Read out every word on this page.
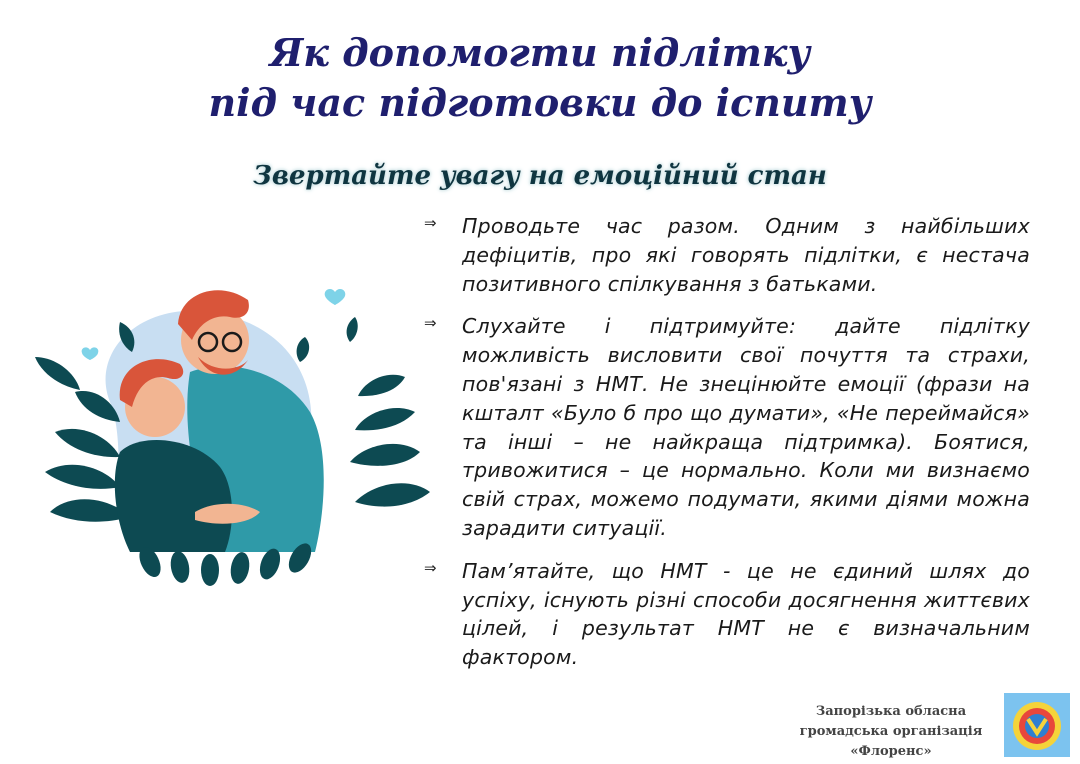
Як допомогти підлітку
під час підготовки до іспиту
Звертайте увагу на емоційний стан
⇒ Проводьте час разом. Одним з найбільших дефіцитів, про які говорять підлітки, є нестача позитивного спілкування з батьками.
⇒ Слухайте і підтримуйте: дайте підлітку можливість висловити свої почуття та страхи, пов'язані з НМТ. Не знецінюйте емоції (фрази на кшталт «Було б про що думати», «Не переймайся» та інші – не найкраща підтримка). Боятися, тривожитися – це нормально. Коли ми визнаємо свій страх, можемо подумати, якими діями можна зарадити ситуації.
⇒ Пам’ятайте, що НМТ - це не єдиний шлях до успіху, існують різні способи досягнення життєвих цілей, і результат НМТ не є визначальним фактором.
Запорізька обласна
громадська організація
«Флоренс»
